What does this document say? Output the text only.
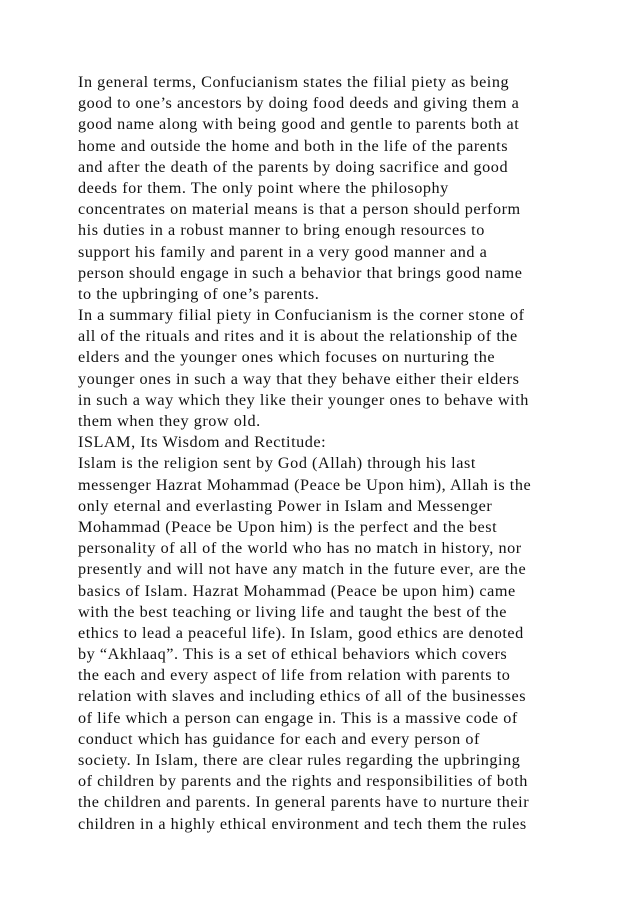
In general terms, Confucianism states the filial piety as being
good to one’s ancestors by doing food deeds and giving them a
good name along with being good and gentle to parents both at
home and outside the home and both in the life of the parents
and after the death of the parents by doing sacrifice and good
deeds for them. The only point where the philosophy
concentrates on material means is that a person should perform
his duties in a robust manner to bring enough resources to
support his family and parent in a very good manner and a
person should engage in such a behavior that brings good name
to the upbringing of one’s parents.
In a summary filial piety in Confucianism is the corner stone of
all of the rituals and rites and it is about the relationship of the
elders and the younger ones which focuses on nurturing the
younger ones in such a way that they behave either their elders
in such a way which they like their younger ones to behave with
them when they grow old.
ISLAM, Its Wisdom and Rectitude:
Islam is the religion sent by God (Allah) through his last
messenger Hazrat Mohammad (Peace be Upon him), Allah is the
only eternal and everlasting Power in Islam and Messenger
Mohammad (Peace be Upon him) is the perfect and the best
personality of all of the world who has no match in history, nor
presently and will not have any match in the future ever, are the
basics of Islam. Hazrat Mohammad (Peace be upon him) came
with the best teaching or living life and taught the best of the
ethics to lead a peaceful life). In Islam, good ethics are denoted
by “Akhlaaq”. This is a set of ethical behaviors which covers
the each and every aspect of life from relation with parents to
relation with slaves and including ethics of all of the businesses
of life which a person can engage in. This is a massive code of
conduct which has guidance for each and every person of
society. In Islam, there are clear rules regarding the upbringing
of children by parents and the rights and responsibilities of both
the children and parents. In general parents have to nurture their
children in a highly ethical environment and tech them the rules
